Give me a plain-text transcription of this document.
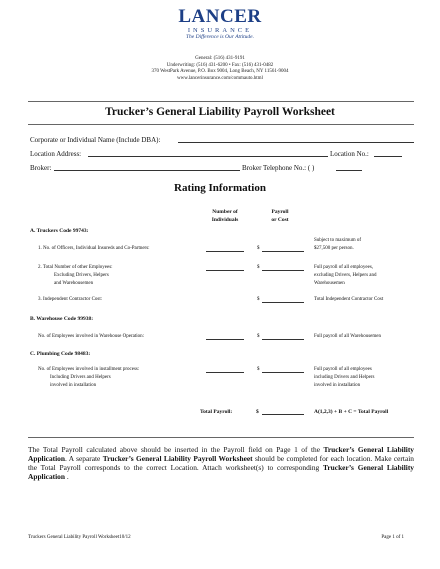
LANCER
INSURANCE
The Difference is Our Attitude.
General: (516) 431-9191
Underwriting: (516) 431-6200 • Fax: (516) 431-0482
370 WestPark Avenue, P.O. Box 9004, Long Beach, NY 11561-9004
www.lancerinsurance.com/commauto.html
Trucker’s General Liability Payroll Worksheet
Corporate or Individual Name (Include DBA):
Location Address:	Location No.:
Broker:	Broker Telephone No.: ( )
Rating Information
Number of
Individuals
Payroll
or Cost
A. Truckers Code 99743:
1. No. of Officers, Individual Insureds and Co-Partners:	$
Subject to maximum of
$27,500 per person.
2. Total Number of other Employees:
Excluding Drivers, Helpers
and Warehousemen
$	Full payroll of all employees,
excluding Drivers, Helpers and
Warehousemen
3. Independent Contractor Cost:	$	Total Independent Contractor Cost
B. Warehouse Code 99938:
No. of Employees involved in Warehouse Operation:	$	Full payroll of all Warehousemen
C. Plumbing Code 98483:
No. of Employees involved in installment process:
Including Drivers and Helpers
involved in installation
$	Full payroll of all employees
including Drivers and Helpers
involved in installation
Total Payroll:	$	A(1,2,3) + B + C = Total Payroll
The Total Payroll calculated above should be inserted in the Payroll field on Page 1 of the Trucker’s General Liability Application. A separate Trucker’s General Liability Payroll Worksheet should be completed for each location. Make certain the Total Payroll corresponds to the correct Location. Attach worksheet(s) to corresponding Trucker’s General Liability Application .
Truckers General Liability Payroll Worksheet10/12	Page 1 of 1
